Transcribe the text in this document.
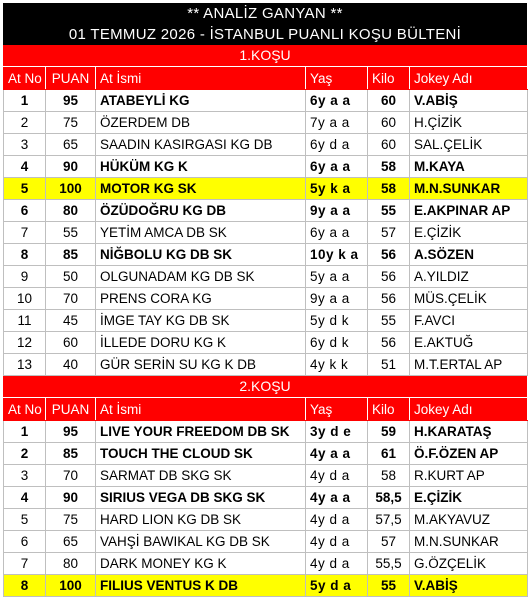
** ANALİZ GANYAN **
01 TEMMUZ 2026 - İSTANBUL PUANLI KOŞU BÜLTENİ
1.KOŞU
At No	PUAN	At İsmi	Yaş	Kilo	Jokey Adı
1	95	ATABEYLİ KG	6y a a	60	V.ABİŞ
2	75	ÖZERDEM DB	7y a a	60	H.ÇİZİK
3	65	SAADIN KASIRGASI KG DB	6y d a	60	SAL.ÇELİK
4	90	HÜKÜM KG K	6y a a	58	M.KAYA
5	100	MOTOR KG SK	5y k a	58	M.N.SUNKAR
6	80	ÖZÜDOĞRU KG DB	9y a a	55	E.AKPINAR AP
7	55	YETİM AMCA DB SK	6y a a	57	E.ÇİZİK
8	85	NİĞBOLU KG DB SK	10y k a	56	A.SÖZEN
9	50	OLGUNADAM KG DB SK	5y a a	56	A.YILDIZ
10	70	PRENS CORA KG	9y a a	56	MÜS.ÇELİK
11	45	İMGE TAY KG DB SK	5y d k	55	F.AVCI
12	60	İLLEDE DORU KG K	6y d k	56	E.AKTUĞ
13	40	GÜR SERİN SU KG K DB	4y k k	51	M.T.ERTAL AP
2.KOŞU
At No	PUAN	At İsmi	Yaş	Kilo	Jokey Adı
1	95	LIVE YOUR FREEDOM DB SK	3y d e	59	H.KARATAŞ
2	85	TOUCH THE CLOUD SK	4y a a	61	Ö.F.ÖZEN AP
3	70	SARMAT DB SKG SK	4y d a	58	R.KURT AP
4	90	SIRIUS VEGA DB SKG SK	4y a a	58,5	E.ÇİZİK
5	75	HARD LION KG DB SK	4y d a	57,5	M.AKYAVUZ
6	65	VAHŞİ BAWIKAL KG DB SK	4y d a	57	M.N.SUNKAR
7	80	DARK MONEY KG K	4y d a	55,5	G.ÖZÇELİK
8	100	FILIUS VENTUS K DB	5y d a	55	V.ABİŞ
